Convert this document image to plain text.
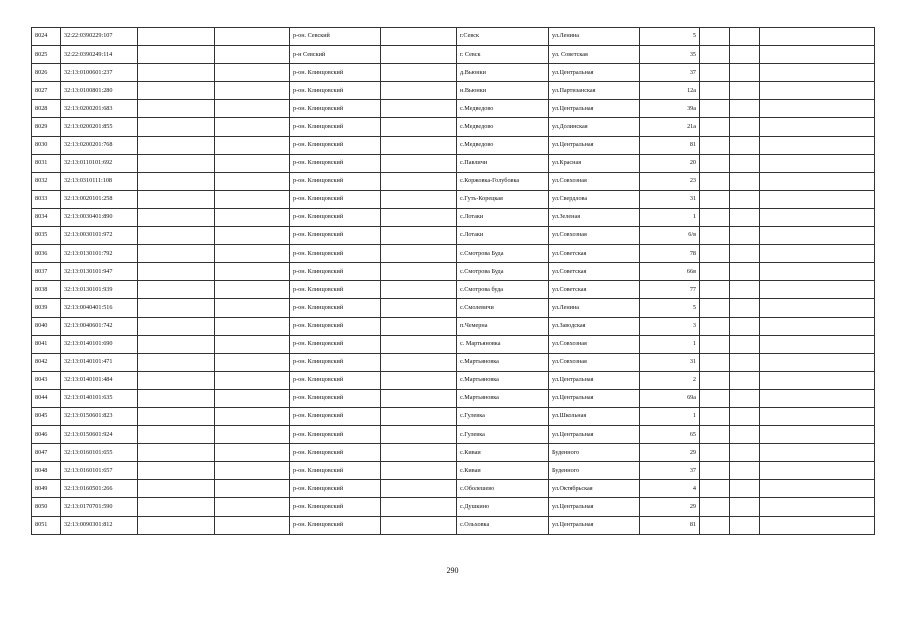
8024	32:22:0390229:107			р-он. Севский		г.Севск	ул.Ленина	5			
8025	32:22:0390249:114			р-н Севский		г. Севск	ул. Советская	35			
8026	32:13:0100601:237			р-он. Клинцовский		д.Вьюнки	ул.Центральная	37			
8027	32:13:0100801:280			р-он. Клинцовский		н.Вьюнки	ул.Партизанская	12а			
8028	32:13:0200201:683			р-он. Клинцовский		с.Медведово	ул.Центральная	39а			
8029	32:13:0200201:855			р-он. Клинцовский		с.Медведово	ул.Долинская	21а			
8030	32:13:0200201:768			р-он. Клинцовский		с.Медведово	ул.Центральная	81			
8031	32:13:0110101:692			р-он. Клинцовский		с.Павличи	ул.Красная	20			
8032	32:13:0310111:108			р-он. Клинцовский		с.Коржовка-Голубовка	ул.Совхозная	23			
8033	32:13:0020101:258			р-он. Клинцовский		с.Гуть-Корецкая	ул.Свердлова	31			
8034	32:13:0030401:890			р-он. Клинцовский		с.Лотаки	ул.Зеленая	1			
8035	32:13:0030101:972			р-он. Клинцовский		с.Лотаки	ул.Совхозная	6/в			
8036	32:13:0130101:792			р-он. Клинцовский		с.Смотрова Буда	ул.Советская	78			
8037	32:13:0130101:947			р-он. Клинцовский		с.Смотрова Буда	ул.Советская	66в			
8038	32:13:0130101:939			р-он. Клинцовский		с.Смотрова буда	ул.Советская	77			
8039	32:13:0040401:516			р-он. Клинцовский		с.Смолевичи	ул.Ленина	5			
8040	32:13:0040601:742			р-он. Клинцовский		п.Чемерна	ул.Заводская	3			
8041	32:13:0140101:690			р-он. Клинцовский		с. Мартьяновка	ул.Совхозная	1			
8042	32:13:0140101:471			р-он. Клинцовский		с.Мартьяновка	ул.Совхозная	31			
8043	32:13:0140101:484			р-он. Клинцовский		с.Мартьяновка	ул.Центральная	2			
8044	32:13:0140101:635			р-он. Клинцовский		с.Мартьяновка	ул.Центральная	69а			
8045	32:13:0150601:823			р-он. Клинцовский		с.Гулевка	ул.Школьная	1			
8046	32:13:0150601:924			р-он. Клинцовский		с.Гулевка	ул.Центральная	65			
8047	32:13:0160101:655			р-он. Клинцовский		с.Киваи	Буденного	29			
8048	32:13:0160101:657			р-он. Клинцовский		с.Киваи	Буденного	37			
8049	32:13:0160501:266			р-он. Клинцовский		с.Оболешево	ул.Октябрьская	4			
8050	32:13:0170701:590			р-он. Клинцовский		с.Душкино	ул.Центральная	29			
8051	32:13:0090301:812			р-он. Клинцовский		с.Ольховка	ул.Центральная	81			
290
